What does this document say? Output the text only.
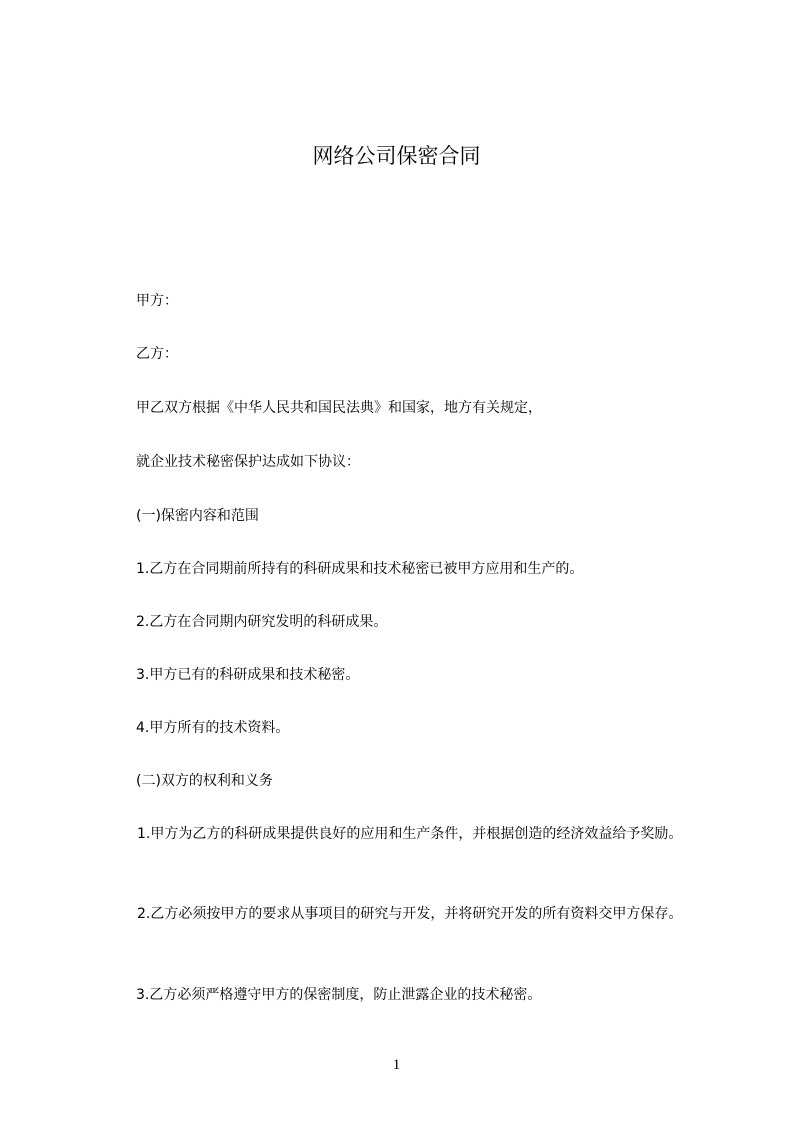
网络公司保密合同
甲方：
乙方：
甲乙双方根据《中华人民共和国民法典》和国家，地方有关规定，
就企业技术秘密保护达成如下协议：
(一)保密内容和范围
1.乙方在合同期前所持有的科研成果和技术秘密已被甲方应用和生产的。
2.乙方在合同期内研究发明的科研成果。
3.甲方已有的科研成果和技术秘密。
4.甲方所有的技术资料。
(二)双方的权利和义务
1.甲方为乙方的科研成果提供良好的应用和生产条件，并根据创造的经济效益给予奖励。
2.乙方必须按甲方的要求从事项目的研究与开发，并将研究开发的所有资料交甲方保存。
3.乙方必须严格遵守甲方的保密制度，防止泄露企业的技术秘密。
1
